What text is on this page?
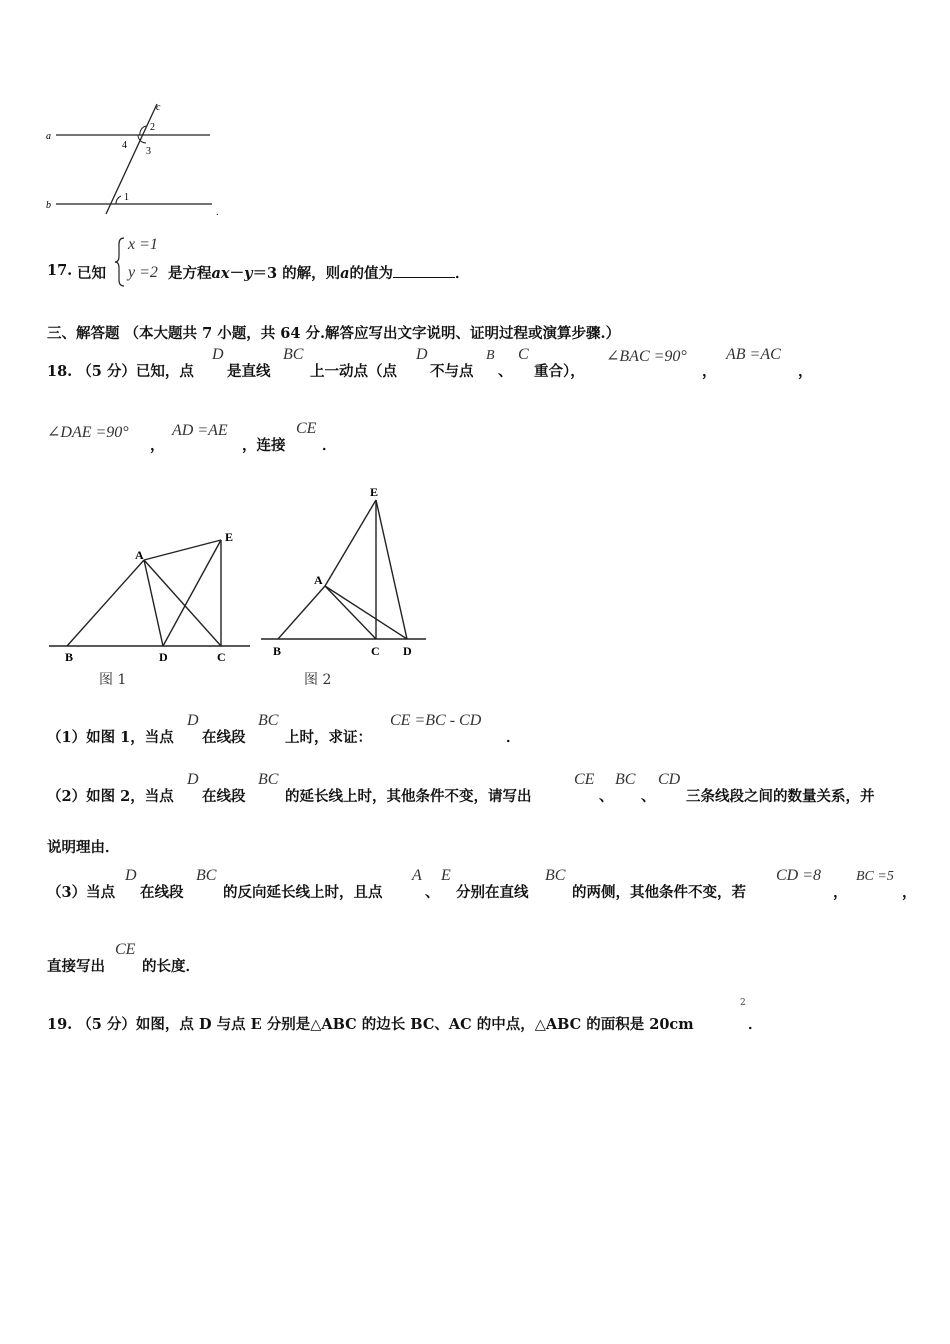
a
b
c
2
4
3
1
.
17. 已知
x =1
y =2 是方程ax－y＝3 的解，则a的值为	．
三、解答题 （本大题共 7 小题，共 64 分.解答应写出文字说明、证明过程或演算步骤.）
18. （5 分）已知，点
D
是直线
BC
上一动点（点
D
不与点
B
、
C
重合），
∠BAC =90°
，
AB =AC
，
∠DAE =90°
，
AD =AE
，连接
CE
．
A
E
B	D	C
图 1
E
A
B	C D
图 2
（1）如图 1，当点
D
在线段
BC
上时，求证：
CE =BC - CD
．
（2）如图 2，当点
D
在线段
BC
的延长线上时，其他条件不变，请写出
CE
、
BC
、
CD
三条线段之间的数量关系，并
说明理由．
（3）当点
D
在线段
BC
的反向延长线上时，且点
A
、
E
分别在直线
BC
的两侧，其他条件不变，若
CD =8
，
BC =5
，
直接写出
CE
的长度．
19. （5 分）如图，点 D 与点 E 分别是△ABC 的边长 BC、AC 的中点，△ABC 的面积是 20cm
2
．
